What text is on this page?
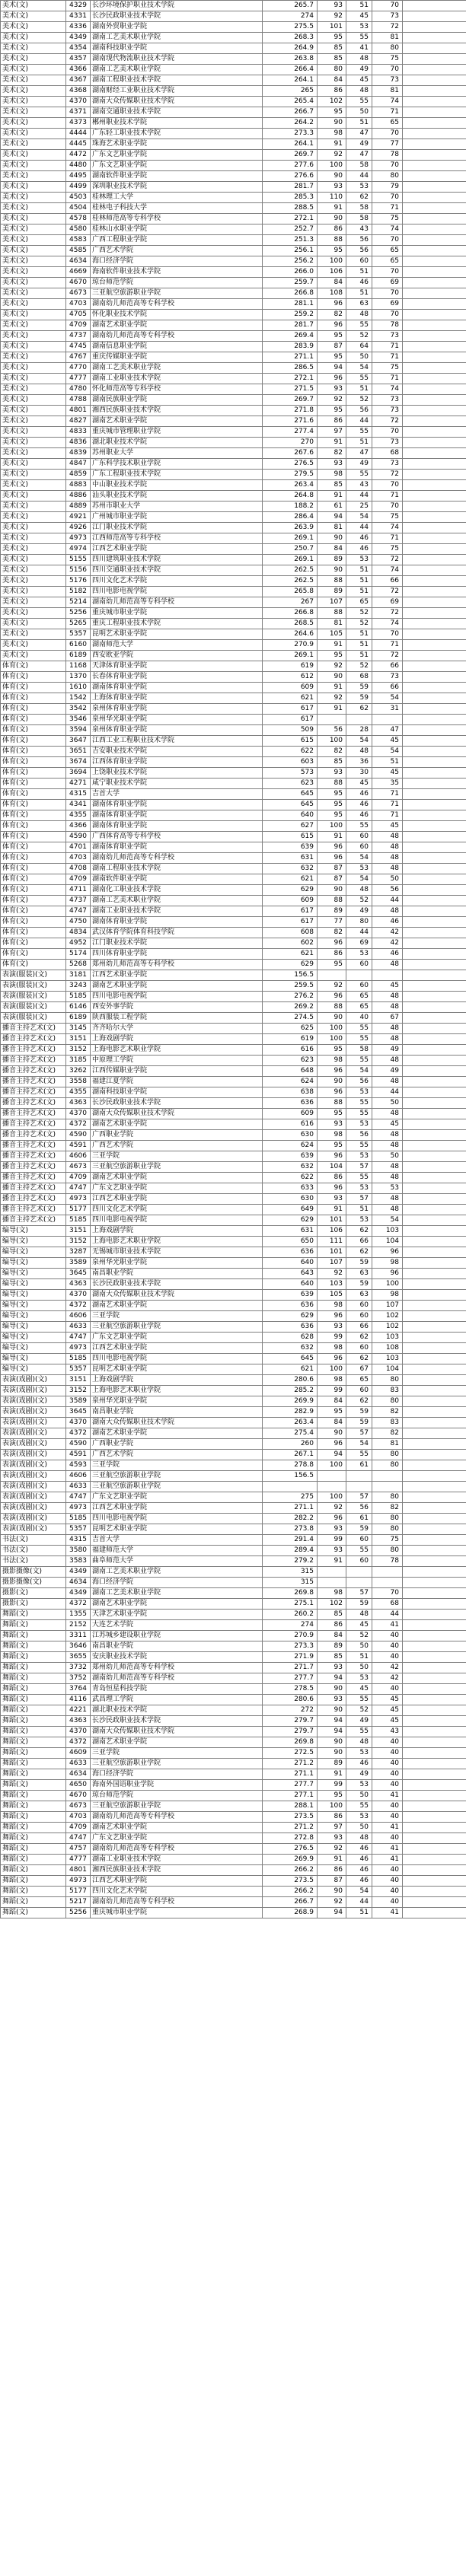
美术(文)	4329	长沙环境保护职业技术学院	265.7	93	51	70	
美术(文)	4331	长沙民政职业技术学院	274	92	45	73	
美术(文)	4336	湖南外贸职业学院	275.5	101	53	72	
美术(文)	4349	湖南工艺美术职业学院	268.3	95	55	81	
美术(文)	4354	湖南科技职业学院	264.9	85	41	80	
美术(文)	4357	湖南现代物流职业技术学院	263.8	85	48	75	
美术(文)	4366	湖南工艺美术职业学院	266.4	80	49	70	
美术(文)	4367	湖南工程职业技术学院	264.1	84	45	73	
美术(文)	4368	湖南财经工业职业技术学院	265	86	48	81	
美术(文)	4370	湖南大众传媒职业技术学院	265.4	102	55	74	
美术(文)	4371	湖南交通职业技术学院	266.7	95	50	71	
美术(文)	4373	郴州职业技术学院	264.2	90	51	65	
美术(文)	4444	广东轻工职业技术学院	273.3	98	47	70	
美术(文)	4445	珠海艺术职业学院	264.1	91	49	77	
美术(文)	4472	广东文艺职业学院	269.7	92	47	78	
美术(文)	4480	广东文艺职业学院	277.6	100	58	70	
美术(文)	4495	湖南软件职业学院	276.6	90	44	80	
美术(文)	4499	深圳职业技术学院	281.7	93	53	79	
美术(文)	4503	桂林理工大学	285.3	110	62	70	
美术(文)	4504	桂林电子科技大学	288.5	91	58	71	
美术(文)	4578	桂林师范高等专科学校	272.1	90	58	75	
美术(文)	4580	桂林山水职业学院	252.7	86	43	74	
美术(文)	4583	广西工程职业学院	251.3	88	56	70	
美术(文)	4585	广西艺术学院	256.1	95	56	65	
美术(文)	4634	海口经济学院	256.2	100	60	65	
美术(文)	4669	海南软件职业技术学院	266.0	106	51	70	
美术(文)	4670	琼台师范学院	259.7	84	46	69	
美术(文)	4673	三亚航空旅游职业学院	266.8	108	51	70	
美术(文)	4703	湖南幼儿师范高等专科学校	281.1	96	63	69	
美术(文)	4705	怀化职业技术学院	259.2	82	48	70	
美术(文)	4709	湖南艺术职业学院	281.7	96	55	78	
美术(文)	4737	湖南幼儿师范高等专科学校	269.4	95	52	73	
美术(文)	4745	湖南信息职业学院	283.9	87	64	71	
美术(文)	4767	重庆传媒职业学院	271.1	95	50	71	
美术(文)	4770	湖南工艺美术职业学院	286.5	94	54	75	
美术(文)	4777	湖南工业职业技术学院	272.1	96	55	71	
美术(文)	4780	怀化师范高等专科学校	271.5	93	51	74	
美术(文)	4788	湖南民族职业学院	269.7	92	52	73	
美术(文)	4801	湘西民族职业技术学院	271.8	95	56	73	
美术(文)	4827	湖南艺术职业学院	271.6	86	44	72	
美术(文)	4833	重庆城市管理职业学院	277.4	97	55	70	
美术(文)	4836	湖北职业技术学院	270	91	51	73	
美术(文)	4839	苏州职业大学	267.6	82	47	68	
美术(文)	4847	广东科学技术职业学院	276.5	93	49	73	
美术(文)	4859	广东工程职业技术学院	279.5	98	55	72	
美术(文)	4883	中山职业技术学院	263.4	85	43	70	
美术(文)	4886	汕头职业技术学院	264.8	91	44	71	
美术(文)	4889	苏州市职业大学	188.2	61	25	70	
美术(文)	4921	广州城市职业学院	286.4	94	54	75	
美术(文)	4926	江门职业技术学院	263.9	81	44	74	
美术(文)	4973	江西师范高等专科学校	269.1	90	46	71	
美术(文)	4974	江西艺术职业学院	250.7	84	46	75	
美术(文)	5155	四川建筑职业技术学院	269.1	89	53	72	
美术(文)	5156	四川交通职业技术学院	262.5	90	51	74	
美术(文)	5176	四川文化艺术学院	262.5	88	51	66	
美术(文)	5182	四川电影电视学院	265.8	89	51	72	
美术(文)	5214	湖南幼儿师范高等专科学校	267	107	65	69	
美术(文)	5256	重庆城市职业学院	266.8	88	52	72	
美术(文)	5265	重庆工程职业技术学院	268.5	81	52	74	
美术(文)	5357	昆明艺术职业学院	264.6	105	51	70	
美术(文)	6160	湖南师范大学	270.9	91	51	71	
美术(文)	6189	西安欧亚学院	269.1	95	51	72	
体育(文)	1168	天津体育职业学院	619	92	52	66	
体育(文)	1370	长春体育职业学院	612	90	68	73	
体育(文)	1610	湖南体育职业学院	609	91	59	66	
体育(文)	1542	上海体育职业学院	621	92	59	54	
体育(文)	3542	泉州体育职业学院	617	91	62	31	
体育(文)	3546	泉州华光职业学院	617				
体育(文)	3594	泉州体育职业学院	509	56	28	47	
体育(文)	3647	江西工业工程职业技术学院	615	100	54	45	
体育(文)	3651	吉安职业技术学院	622	82	48	54	
体育(文)	3674	江西体育职业学院	603	85	36	51	
体育(文)	3694	上饶职业技术学院	573	93	30	45	
体育(文)	4271	咸宁职业技术学院	623	88	45	35	
体育(文)	4315	吉首大学	645	95	46	71	
体育(文)	4341	湖南体育职业学院	645	95	46	71	
体育(文)	4355	湖南体育职业学院	640	95	46	71	
体育(文)	4366	湖南体育职业学院	627	100	55	45	
体育(文)	4590	广西体育高等专科学校	615	91	60	48	
体育(文)	4701	湖南体育职业学院	639	96	60	48	
体育(文)	4703	湖南幼儿师范高等专科学校	631	96	54	48	
体育(文)	4708	湖南工程职业技术学院	632	87	53	48	
体育(文)	4709	湖南软件职业学院	621	87	54	50	
体育(文)	4711	湖南化工职业技术学院	629	90	48	56	
体育(文)	4737	湖南工艺美术职业学院	609	88	52	44	
体育(文)	4747	湖南工业职业技术学院	617	89	49	48	
体育(文)	4750	湖南体育职业学院	617	77	80	46	
体育(文)	4834	武汉体育学院体育科技学院	608	82	44	42	
体育(文)	4952	江门职业技术学院	602	96	69	42	
体育(文)	5174	四川体育职业学院	621	86	53	46	
体育(文)	5268	郑州幼儿师范高等专科学校	629	95	60	48	
表演(服装)(文)	3181	江西艺术职业学院	156.5				
表演(服装)(文)	3243	湖南艺术职业学院	259.5	92	60	45	
表演(服装)(文)	5185	四川电影电视学院	276.2	96	65	48	
表演(服装)(文)	6146	西安外事学院	269.2	88	65	48	
表演(服装)(文)	6189	陕西服装工程学院	274.5	90	40	67	
播音主持艺术(文)	3145	齐齐哈尔大学	625	100	55	48	
播音主持艺术(文)	3151	上海戏剧学院	619	100	55	48	
播音主持艺术(文)	3152	上海电影艺术职业学院	616	95	58	49	
播音主持艺术(文)	3185	中原理工学院	623	98	55	48	
播音主持艺术(文)	3262	江西传媒职业学院	648	96	54	49	
播音主持艺术(文)	3558	福建江夏学院	624	90	56	48	
播音主持艺术(文)	4355	湖南科技职业学院	638	96	53	44	
播音主持艺术(文)	4363	长沙民政职业技术学院	636	88	55	50	
播音主持艺术(文)	4370	湖南大众传媒职业技术学院	609	95	55	48	
播音主持艺术(文)	4372	湖南艺术职业学院	616	93	53	45	
播音主持艺术(文)	4590	广西职业学院	630	98	56	48	
播音主持艺术(文)	4591	广西艺术学院	624	95	55	48	
播音主持艺术(文)	4606	三亚学院	639	96	53	50	
播音主持艺术(文)	4673	三亚航空旅游职业学院	632	104	57	48	
播音主持艺术(文)	4709	湖南艺术职业学院	622	86	55	48	
播音主持艺术(文)	4747	广东文艺职业学院	633	96	53	53	
播音主持艺术(文)	4973	江西艺术职业学院	630	93	57	48	
播音主持艺术(文)	5177	四川文化艺术学院	649	91	51	48	
播音主持艺术(文)	5185	四川电影电视学院	629	101	53	54	
编导(文)	3151	上海戏剧学院	631	106	62	103	
编导(文)	3152	上海电影艺术职业学院	650	111	66	104	
编导(文)	3287	无锡城市职业技术学院	636	101	62	96	
编导(文)	3589	泉州华光职业学院	640	107	59	98	
编导(文)	3645	南昌职业学院	643	92	63	96	
编导(文)	4363	长沙民政职业技术学院	640	103	59	100	
编导(文)	4370	湖南大众传媒职业技术学院	639	105	63	98	
编导(文)	4372	湖南艺术职业学院	636	98	60	107	
编导(文)	4606	三亚学院	629	96	60	102	
编导(文)	4633	三亚航空旅游职业学院	636	93	66	102	
编导(文)	4747	广东文艺职业学院	628	99	62	103	
编导(文)	4973	江西艺术职业学院	632	98	60	108	
编导(文)	5185	四川电影电视学院	645	96	62	103	
编导(文)	5357	昆明艺术职业学院	621	100	67	104	
表演(戏剧)(文)	3151	上海戏剧学院	280.6	98	65	80	
表演(戏剧)(文)	3152	上海电影艺术职业学院	285.2	99	60	83	
表演(戏剧)(文)	3589	泉州华光职业学院	269.9	84	62	80	
表演(戏剧)(文)	3645	南昌职业学院	282.9	95	59	82	
表演(戏剧)(文)	4370	湖南大众传媒职业技术学院	263.4	84	59	83	
表演(戏剧)(文)	4372	湖南艺术职业学院	275.4	90	57	82	
表演(戏剧)(文)	4590	广西职业学院	260	96	54	81	
表演(戏剧)(文)	4591	广西艺术学院	267.1	94	55	80	
表演(戏剧)(文)	4593	三亚学院	278.8	100	61	80	
表演(戏剧)(文)	4606	三亚航空旅游职业学院	156.5				
表演(戏剧)(文)	4633	三亚航空旅游职业学院					
表演(戏剧)(文)	4747	广东文艺职业学院	275	100	57	80	
表演(戏剧)(文)	4973	江西艺术职业学院	271.1	92	56	82	
表演(戏剧)(文)	5185	四川电影电视学院	282.2	96	61	80	
表演(戏剧)(文)	5357	昆明艺术职业学院	273.8	93	59	80	
书法(文)	4315	吉首大学	291.4	99	60	75	
书法(文)	3580	福建师范大学	289.4	93	55	80	
书法(文)	3583	曲阜师范大学	279.2	91	60	78	
摄影摄像(文)	4349	湖南工艺美术职业学院	315				
摄影摄像(文)	4634	海口经济学院	315				
摄影(文)	4349	湖南工艺美术职业学院	269.8	98	57	70	
摄影(文)	4372	湖南艺术职业学院	275.1	102	59	68	
舞蹈(文)	1355	天津艺术职业学院	260.2	85	48	44	
舞蹈(文)	2152	大连艺术学院	274	86	45	41	
舞蹈(文)	3311	江苏城乡建设职业学院	270.9	84	52	40	
舞蹈(文)	3646	南昌职业学院	273.3	89	50	40	
舞蹈(文)	3655	安庆职业技术学院	271.9	85	51	40	
舞蹈(文)	3732	郑州幼儿师范高等专科学校	271.7	93	50	42	
舞蹈(文)	3752	湖南幼儿师范高等专科学校	277.7	94	53	42	
舞蹈(文)	3764	青岛恒星科技学院	278.5	90	45	40	
舞蹈(文)	4116	武昌理工学院	280.6	93	55	45	
舞蹈(文)	4221	湖北职业技术学院	272	90	52	45	
舞蹈(文)	4363	长沙民政职业技术学院	279.7	94	49	45	
舞蹈(文)	4370	湖南大众传媒职业技术学院	279.7	94	55	43	
舞蹈(文)	4372	湖南艺术职业学院	269.8	90	48	40	
舞蹈(文)	4609	三亚学院	272.5	90	53	40	
舞蹈(文)	4633	三亚航空旅游职业学院	271.2	89	46	40	
舞蹈(文)	4634	海口经济学院	271.1	91	49	40	
舞蹈(文)	4650	海南外国语职业学院	277.7	99	53	40	
舞蹈(文)	4670	琼台师范学院	277.1	95	50	41	
舞蹈(文)	4673	三亚航空旅游职业学院	288.1	100	55	40	
舞蹈(文)	4703	湖南幼儿师范高等专科学校	273.5	86	53	40	
舞蹈(文)	4709	湖南艺术职业学院	271.2	97	50	41	
舞蹈(文)	4747	广东文艺职业学院	272.8	93	48	40	
舞蹈(文)	4757	湖南幼儿师范高等专科学校	276.5	92	46	41	
舞蹈(文)	4777	湖南工业职业技术学院	269.9	91	46	41	
舞蹈(文)	4801	湘西民族职业技术学院	266.2	86	46	40	
舞蹈(文)	4973	江西艺术职业学院	273.5	87	46	40	
舞蹈(文)	5177	四川文化艺术学院	266.2	90	54	40	
舞蹈(文)	5217	湖南幼儿师范高等专科学校	266.7	92	44	40	
舞蹈(文)	5256	重庆城市职业学院	268.9	94	51	41	
